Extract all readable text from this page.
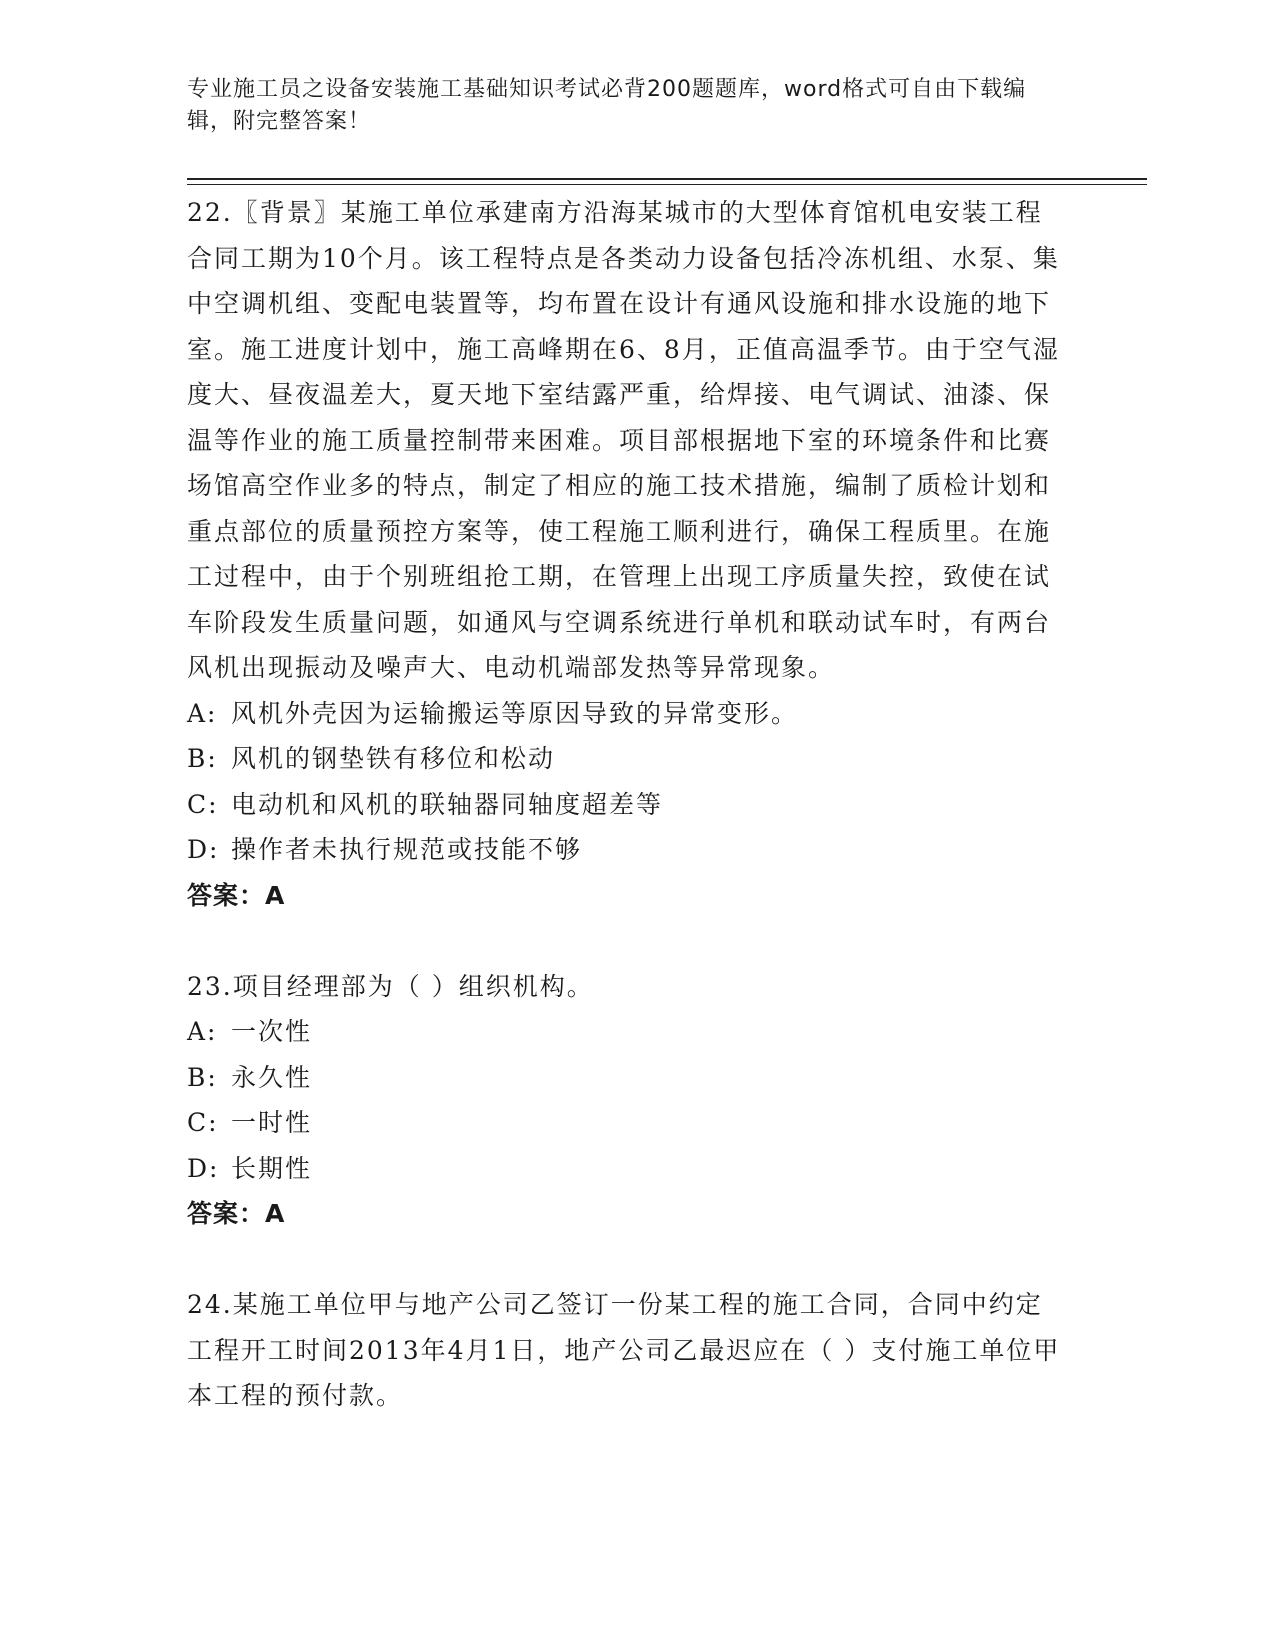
专业施工员之设备安装施工基础知识考试必背200题题库，word格式可自由下载编辑，附完整答案！

22.〖背景〗某施工单位承建南方沿海某城市的大型体育馆机电安装工程合同工期为10个月。该工程特点是各类动力设备包括冷冻机组、水泵、集中空调机组、变配电装置等，均布置在设计有通风设施和排水设施的地下室。施工进度计划中，施工高峰期在6、8月，正值高温季节。由于空气湿度大、昼夜温差大，夏天地下室结露严重，给焊接、电气调试、油漆、保温等作业的施工质量控制带来困难。项目部根据地下室的环境条件和比赛场馆高空作业多的特点，制定了相应的施工技术措施，编制了质检计划和重点部位的质量预控方案等，使工程施工顺利进行，确保工程质里。在施工过程中，由于个别班组抢工期，在管理上出现工序质量失控，致使在试车阶段发生质量问题，如通风与空调系统进行单机和联动试车时，有两台风机出现振动及噪声大、电动机端部发热等异常现象。

A: 风机外壳因为运输搬运等原因导致的异常变形。

B: 风机的钢垫铁有移位和松动

C: 电动机和风机的联轴器同轴度超差等

D: 操作者未执行规范或技能不够

答案：A

23.项目经理部为（ ）组织机构。

A: 一次性

B: 永久性

C: 一时性

D: 长期性

答案：A

24.某施工单位甲与地产公司乙签订一份某工程的施工合同，合同中约定工程开工时间2013年4月1日，地产公司乙最迟应在（ ）支付施工单位甲本工程的预付款。
